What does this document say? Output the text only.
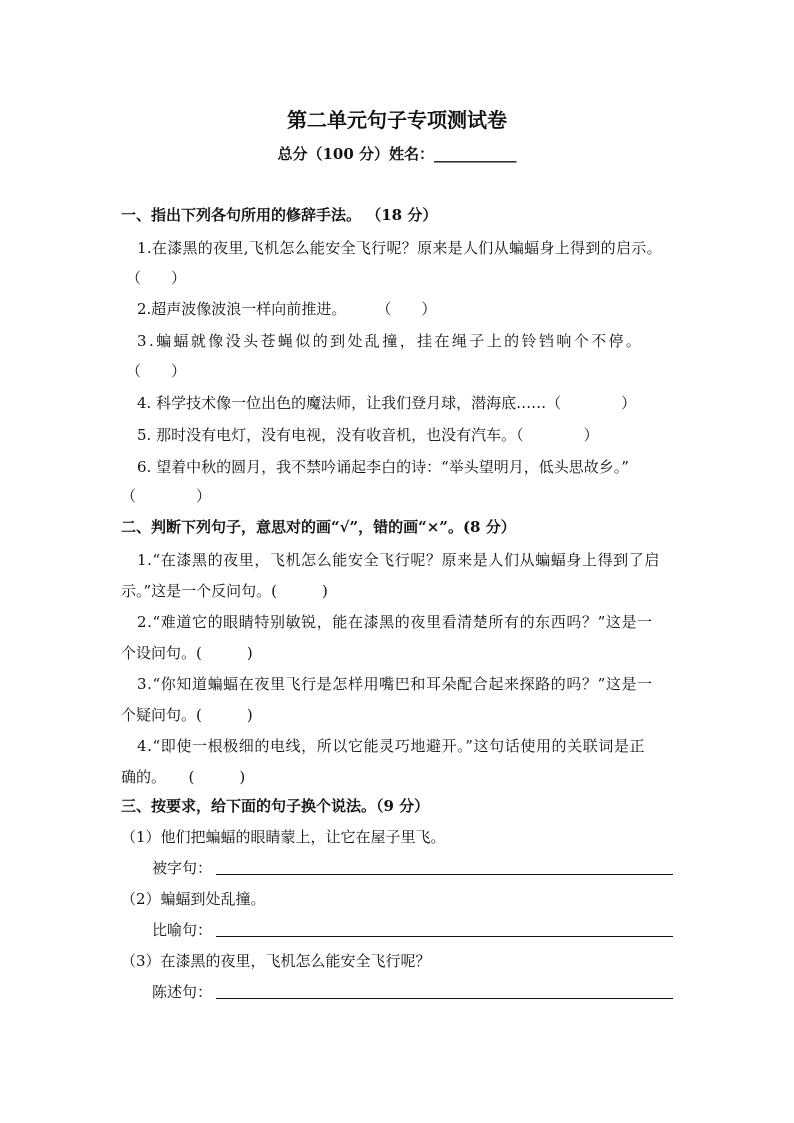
第二单元句子专项测试卷
总分（100 分）姓名：___________
一、指出下列各句所用的修辞手法。 （18 分）
1.在漆黑的夜里,飞机怎么能安全飞行呢？原来是人们从蝙蝠身上得到的启示。
（　　）
2.超声波像波浪一样向前推进。　　　（　　）
3.蝙蝠就像没头苍蝇似的到处乱撞，挂在绳子上的铃铛响个不停。
（　　）
4. 科学技术像一位出色的魔法师，让我们登月球，潜海底……（　　　　）
5. 那时没有电灯，没有电视，没有收音机，也没有汽车。（　　　　）
6. 望着中秋的圆月，我不禁吟诵起李白的诗：“举头望明月，低头思故乡。”
（　　　　）
二、判断下列句子，意思对的画“√”，错的画“×”。(8 分）
1.“在漆黑的夜里，飞机怎么能安全飞行呢？原来是人们从蝙蝠身上得到了启
示。”这是一个反问句。(　　　)
2.“难道它的眼睛特别敏锐，能在漆黑的夜里看清楚所有的东西吗？”这是一
个设问句。(　　　)
3.“你知道蝙蝠在夜里飞行是怎样用嘴巴和耳朵配合起来探路的吗？”这是一
个疑问句。(　　　)
4.“即使一根极细的电线，所以它能灵巧地避开。”这句话使用的关联词是正
确的。　　(　　　)
三、按要求，给下面的句子换个说法。（9 分）
（1）他们把蝙蝠的眼睛蒙上，让它在屋子里飞。
被字句：
（2）蝙蝠到处乱撞。
比喻句：
（3）在漆黑的夜里，飞机怎么能安全飞行呢？
陈述句：
